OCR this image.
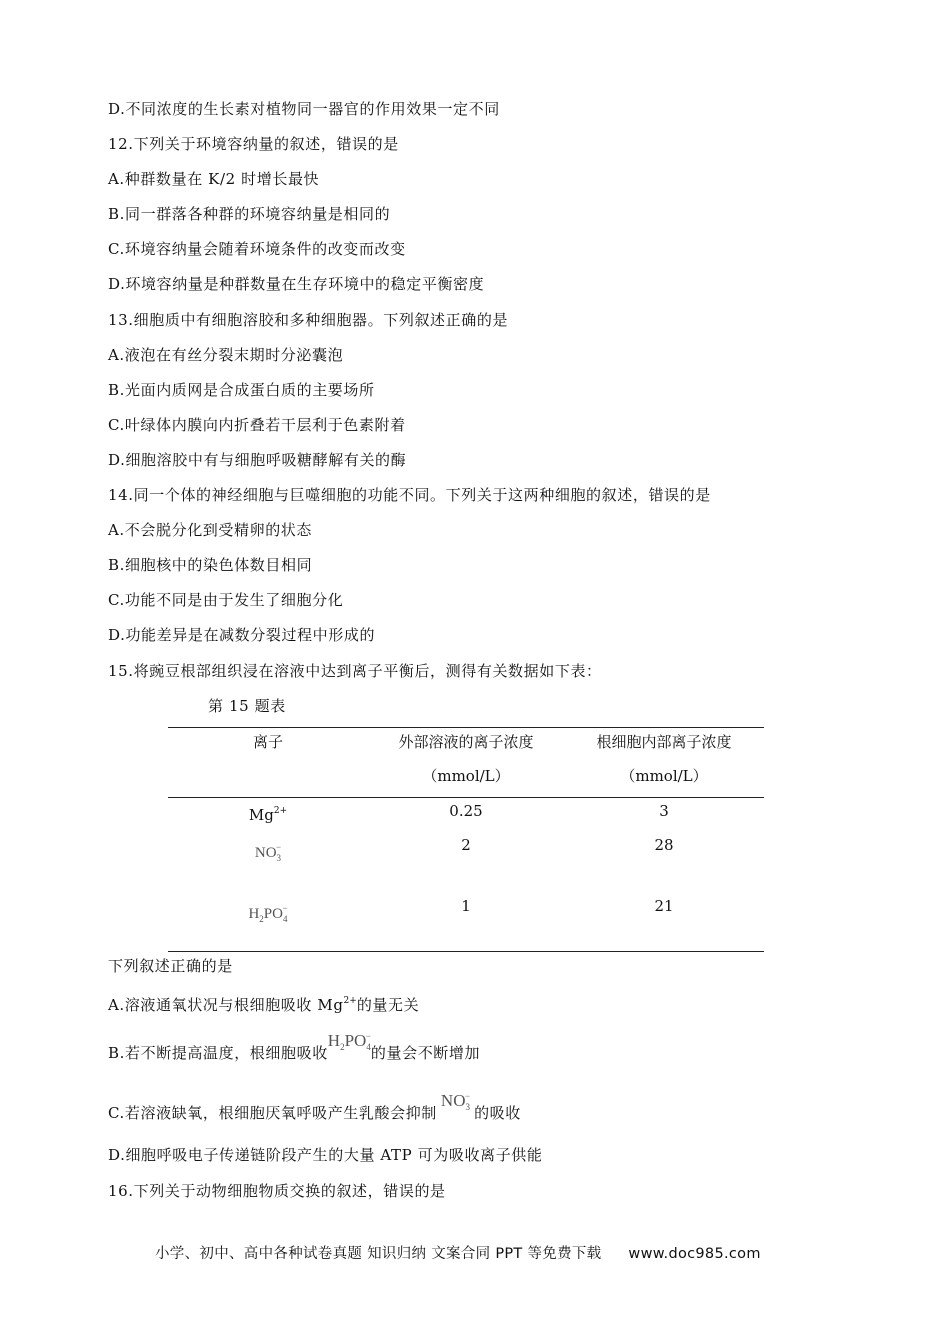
D.不同浓度的生长素对植物同一器官的作用效果一定不同
12.下列关于环境容纳量的叙述，错误的是
A.种群数量在 K/2 时增长最快
B.同一群落各种群的环境容纳量是相同的
C.环境容纳量会随着环境条件的改变而改变
D.环境容纳量是种群数量在生存环境中的稳定平衡密度
13.细胞质中有细胞溶胶和多种细胞器。下列叙述正确的是
A.液泡在有丝分裂末期时分泌囊泡
B.光面内质网是合成蛋白质的主要场所
C.叶绿体内膜向内折叠若干层利于色素附着
D.细胞溶胶中有与细胞呼吸糖酵解有关的酶
14.同一个体的神经细胞与巨噬细胞的功能不同。下列关于这两种细胞的叙述，错误的是
A.不会脱分化到受精卵的状态
B.细胞核中的染色体数目相同
C.功能不同是由于发生了细胞分化
D.功能差异是在减数分裂过程中形成的
15.将豌豆根部组织浸在溶液中达到离子平衡后，测得有关数据如下表：
第 15 题表
离子	外部溶液的离子浓度	根细胞内部离子浓度
（mmol/L）	（mmol/L）
$Mg^{2+}$	0.25	3
$NO_3^-$	2	28
$H_2PO_4^-$	1	21
下列叙述正确的是
A.溶液通氧状况与根细胞吸收 $Mg^{2+}$的量无关
B.若不断提高温度，根细胞吸收$H_2PO_4^-$的量会不断增加
C.若溶液缺氧，根细胞厌氧呼吸产生乳酸会抑制$NO_3^-$的吸收
D.细胞呼吸电子传递链阶段产生的大量 ATP 可为吸收离子供能
16.下列关于动物细胞物质交换的叙述，错误的是
小学、初中、高中各种试卷真题 知识归纳 文案合同 PPT 等免费下载 www.doc985.com
